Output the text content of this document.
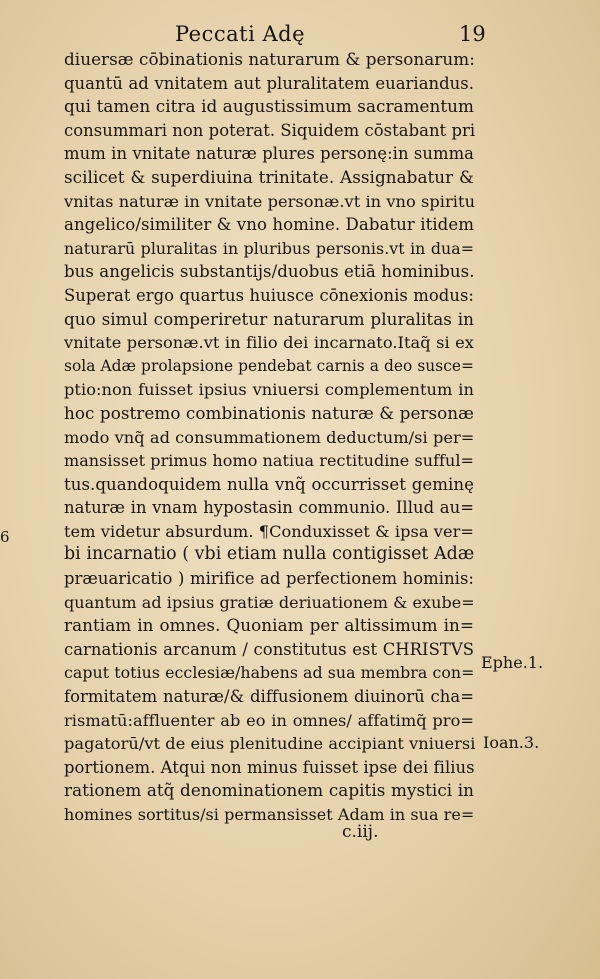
Peccati Adę	19
diuersæ cōbinationis naturarum & personarum:
quantū ad vnitatem aut pluralitatem euariandus.
qui tamen citra id augustissimum sacramentum
consummari non poterat. Siquidem cōstabant pri
mum in vnitate naturæ plures personę:in summa
scilicet & superdiuina trinitate. Assignabatur &
vnitas naturæ in vnitate personæ.vt in vno spiritu
angelico/similiter & vno homine. Dabatur itidem
naturarū pluralitas in pluribus personis.vt in dua=
bus angelicis substantijs/duobus etiā hominibus.
Superat ergo quartus huiusce cōnexionis modus:
quo simul comperiretur naturarum pluralitas in
vnitate personæ.vt in filio dei incarnato.Itaq̃ si ex
sola Adæ prolapsione pendebat carnis a deo susce=
ptio:non fuisset ipsius vniuersi complementum in
hoc postremo combinationis naturæ & personæ
modo vnq̃ ad consummationem deductum/si per=
mansisset primus homo natiua rectitudine sufful=
tus.quandoquidem nulla vnq̃ occurrisset geminę
naturæ in vnam hypostasin communio. Illud au=
tem videtur absurdum. ¶Conduxisset & ipsa ver=
bi incarnatio ( vbi etiam nulla contigisset Adæ
præuaricatio ) mirifice ad perfectionem hominis:
quantum ad ipsius gratiæ deriuationem & exube=
rantiam in omnes. Quoniam per altissimum in=
carnationis arcanum / constitutus est CHRISTVS
caput totius ecclesiæ/habens ad sua membra con=
formitatem naturæ/& diffusionem diuinorū cha=
rismatū:affluenter ab eo in omnes/ affatimq̃ pro=
pagatorū/vt de eius plenitudine accipiant vniuersi
portionem. Atqui non minus fuisset ipse dei filius
rationem atq̃ denominationem capitis mystici in
homines sortitus/si permansisset Adam in sua re=
6
Ephe.1.
Ioan.3.
c.iij.
